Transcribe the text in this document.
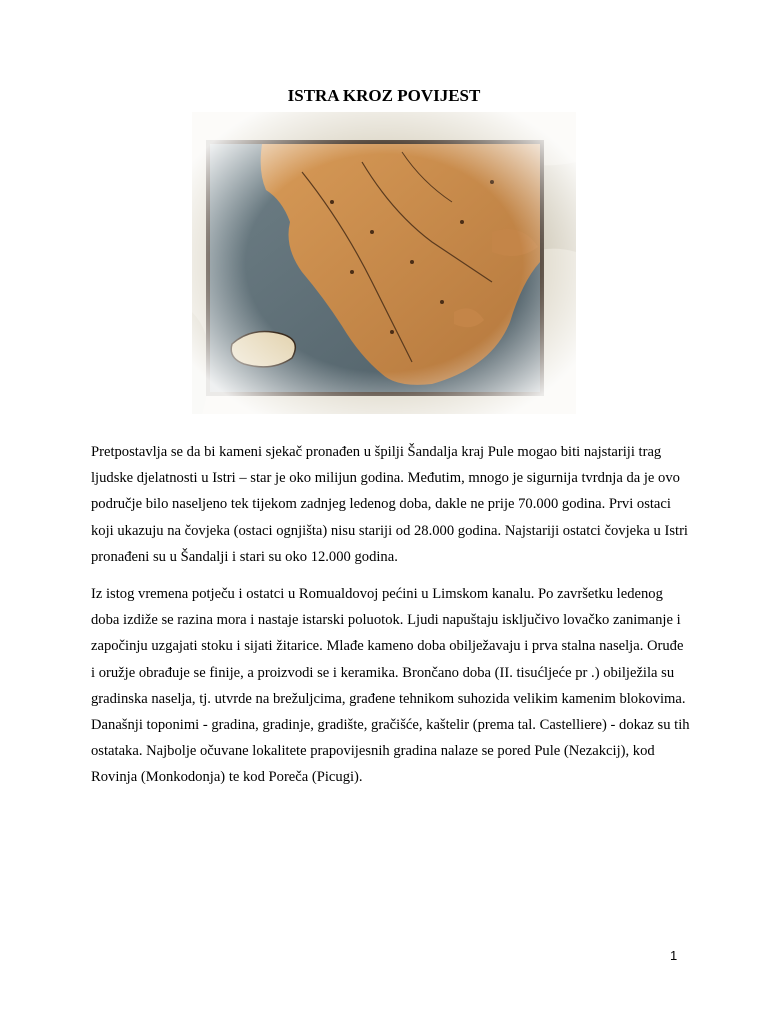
ISTRA KROZ POVIJEST

Pretpostavlja se da bi kameni sjekač pronađen u špilji Šandalja kraj Pule mogao biti najstariji trag ljudske djelatnosti u Istri – star je oko milijun godina. Međutim, mnogo je sigurnija tvrdnja da je ovo područje bilo naseljeno tek tijekom zadnjeg ledenog doba, dakle ne prije 70.000 godina. Prvi ostaci koji ukazuju na čovjeka (ostaci ognjišta) nisu stariji od 28.000 godina. Najstariji ostatci čovjeka u Istri pronađeni su u Šandalji i stari su oko 12.000 godina.

Iz istog vremena potječu i ostatci u Romualdovoj pećini u Limskom kanalu. Po završetku ledenog doba izdiže se razina mora i nastaje istarski poluotok. Ljudi napuštaju isključivo lovačko zanimanje i započinju uzgajati stoku i sijati žitarice. Mlađe kameno doba obilježavaju i prva stalna naselja. Oruđe i oružje obrađuje se finije, a proizvodi se i keramika. Brončano doba (II. tisućljeće pr .) obilježila su gradinska naselja, tj. utvrde na brežuljcima, građene tehnikom suhozida velikim kamenim blokovima. Današnji toponimi - gradina, gradinje, gradište, gračišće, kaštelir (prema tal. Castelliere) - dokaz su tih ostataka. Najbolje očuvane lokalitete prapovijesnih gradina nalaze se pored Pule (Nezakcij), kod Rovinja (Monkodonja) te kod Poreča (Picugi).

1
